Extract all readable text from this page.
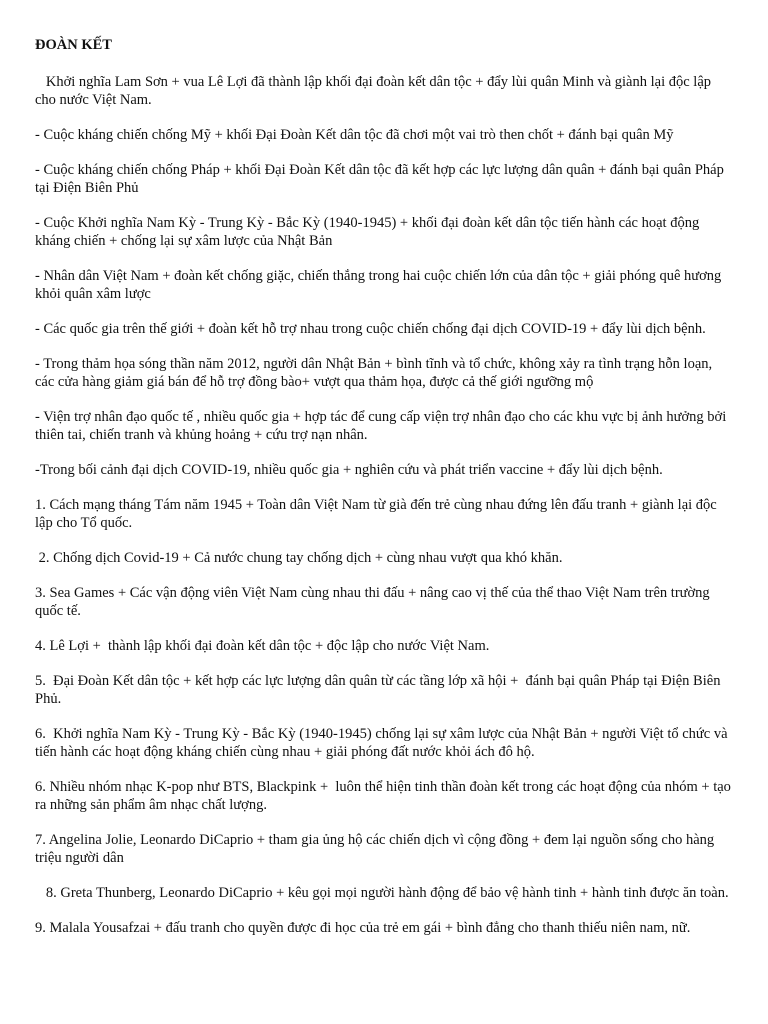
ĐOÀN KẾT

Khởi nghĩa Lam Sơn + vua Lê Lợi đã thành lập khối đại đoàn kết dân tộc + đẩy lùi quân Minh và giành lại độc lập cho nước Việt Nam.

- Cuộc kháng chiến chống Mỹ + khối Đại Đoàn Kết dân tộc đã chơi một vai trò then chốt + đánh bại quân Mỹ

- Cuộc kháng chiến chống Pháp + khối Đại Đoàn Kết dân tộc đã kết hợp các lực lượng dân quân + đánh bại quân Pháp tại Điện Biên Phủ

- Cuộc Khởi nghĩa Nam Kỳ - Trung Kỳ - Bắc Kỳ (1940-1945) + khối đại đoàn kết dân tộc tiến hành các hoạt động kháng chiến + chống lại sự xâm lược của Nhật Bản

- Nhân dân Việt Nam + đoàn kết chống giặc, chiến thắng trong hai cuộc chiến lớn của dân tộc + giải phóng quê hương khỏi quân xâm lược

- Các quốc gia trên thế giới + đoàn kết hỗ trợ nhau trong cuộc chiến chống đại dịch COVID-19 + đẩy lùi dịch bệnh.

- Trong thảm họa sóng thần năm 2012, người dân Nhật Bản + bình tĩnh và tổ chức, không xảy ra tình trạng hỗn loạn, các cửa hàng giảm giá bán để hỗ trợ đồng bào+ vượt qua thảm họa, được cả thế giới ngưỡng mộ

- Viện trợ nhân đạo quốc tế , nhiều quốc gia + hợp tác để cung cấp viện trợ nhân đạo cho các khu vực bị ảnh hưởng bởi thiên tai, chiến tranh và khủng hoảng + cứu trợ nạn nhân.

-Trong bối cảnh đại dịch COVID-19, nhiều quốc gia + nghiên cứu và phát triển vaccine + đẩy lùi dịch bệnh.

1. Cách mạng tháng Tám năm 1945 + Toàn dân Việt Nam từ già đến trẻ cùng nhau đứng lên đấu tranh + giành lại độc lập cho Tổ quốc.

2. Chống dịch Covid-19 + Cả nước chung tay chống dịch + cùng nhau vượt qua khó khăn.

3. Sea Games + Các vận động viên Việt Nam cùng nhau thi đấu + nâng cao vị thế của thể thao Việt Nam trên trường quốc tế.

4. Lê Lợi +  thành lập khối đại đoàn kết dân tộc + độc lập cho nước Việt Nam.

5.  Đại Đoàn Kết dân tộc + kết hợp các lực lượng dân quân từ các tầng lớp xã hội +  đánh bại quân Pháp tại Điện Biên Phủ.

6.  Khởi nghĩa Nam Kỳ - Trung Kỳ - Bắc Kỳ (1940-1945) chống lại sự xâm lược của Nhật Bản + người Việt tổ chức và tiến hành các hoạt động kháng chiến cùng nhau + giải phóng đất nước khỏi ách đô hộ.

6. Nhiều nhóm nhạc K-pop như BTS, Blackpink +  luôn thể hiện tinh thần đoàn kết trong các hoạt động của nhóm + tạo ra những sản phẩm âm nhạc chất lượng.

7. Angelina Jolie, Leonardo DiCaprio + tham gia ủng hộ các chiến dịch vì cộng đồng + đem lại nguồn sống cho hàng triệu người dân

8. Greta Thunberg, Leonardo DiCaprio + kêu gọi mọi người hành động để bảo vệ hành tinh + hành tinh được ăn toàn.

9. Malala Yousafzai + đấu tranh cho quyền được đi học của trẻ em gái + bình đẳng cho thanh thiếu niên nam, nữ.
